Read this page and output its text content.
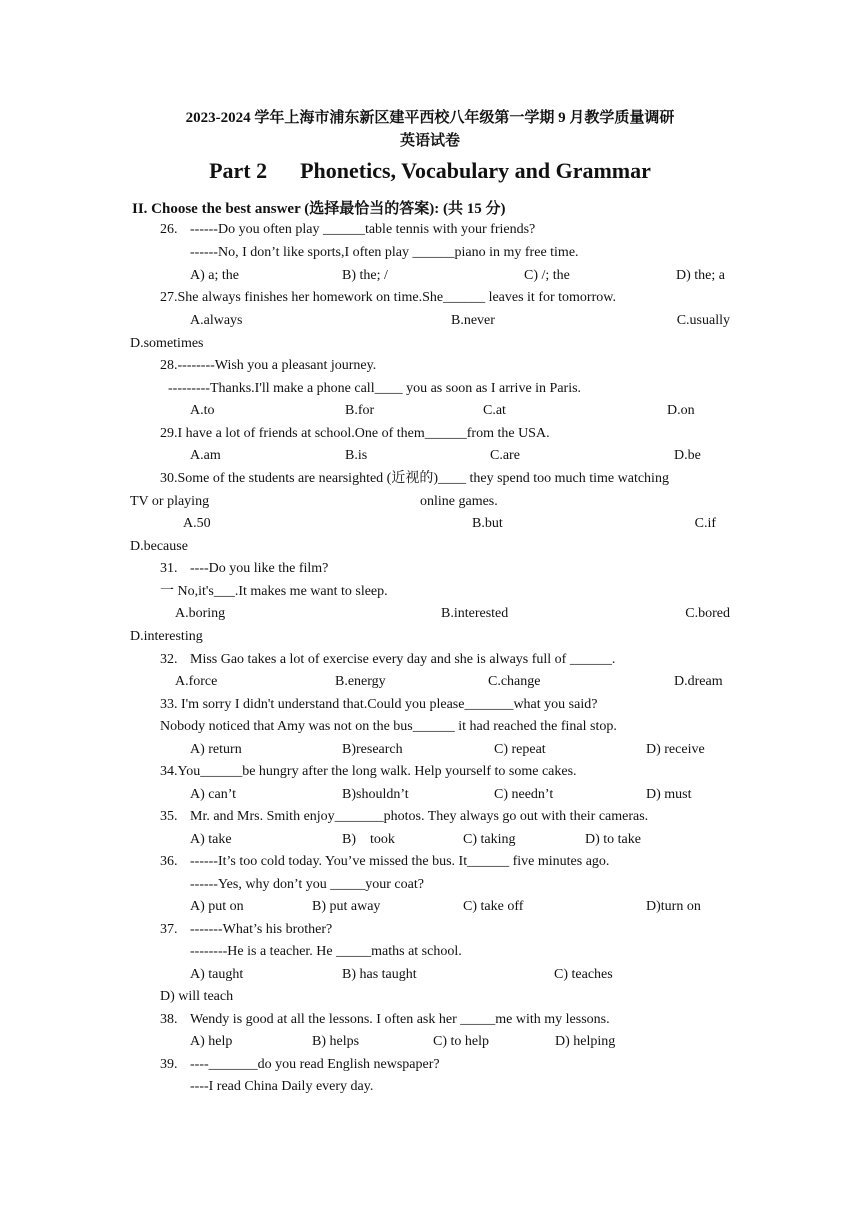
2023-2024 学年上海市浦东新区建平西校八年级第一学期 9 月教学质量调研
英语试卷
Part 2      Phonetics, Vocabulary and Grammar
II. Choose the best answer (选择最恰当的答案): (共 15 分)
26. ------Do you often play ______table tennis with your friends?
------No, I don’t like sports,I often play ______piano in my free time.
A) a; the	B) the; /	C) /; the	D) the; a
27.She always finishes her homework on time.She______ leaves it for tomorrow.
A.always	B.never	C.usually
D.sometimes
28.--------Wish you a pleasant journey.
---------Thanks.I'll make a phone call____ you as soon as I arrive in Paris.
A.to	B.for	C.at	D.on
29.I have a lot of friends at school.One of them______from the USA.
A.am	B.is	C.are	D.be
30.Some of the students are nearsighted (近视的)____ they spend too much time watching
TV or playing	online games.
A.50	B.but	C.if
D.because
31. ----Do you like the film?
一 No,it's___.It makes me want to sleep.
A.boring	B.interested	C.bored
D.interesting
32. Miss Gao takes a lot of exercise every day and she is always full of ______.
A.force	B.energy	C.change	D.dream
33. I'm sorry I didn't understand that.Could you please_______what you said?
Nobody noticed that Amy was not on the bus______ it had reached the final stop.
A) return	B)research	C) repeat	D) receive
34.You______be hungry after the long walk. Help yourself to some cakes.
A) can’t	B)shouldn’t	C) needn’t	D) must
35. Mr. and Mrs. Smith enjoy_______photos. They always go out with their cameras.
A) take	B)    took	C) taking	D) to take
36. ------It’s too cold today. You’ve missed the bus. It______ five minutes ago.
------Yes, why don’t you _____your coat?
A) put on	B) put away	C) take off	D)turn on
37. -------What’s his brother?
--------He is a teacher. He _____maths at school.
A) taught	B) has taught	C) teaches
D) will teach
38. Wendy is good at all the lessons. I often ask her _____me with my lessons.
A) help	B) helps	C) to help	D) helping
39. ----_______do you read English newspaper?
----I read China Daily every day.
